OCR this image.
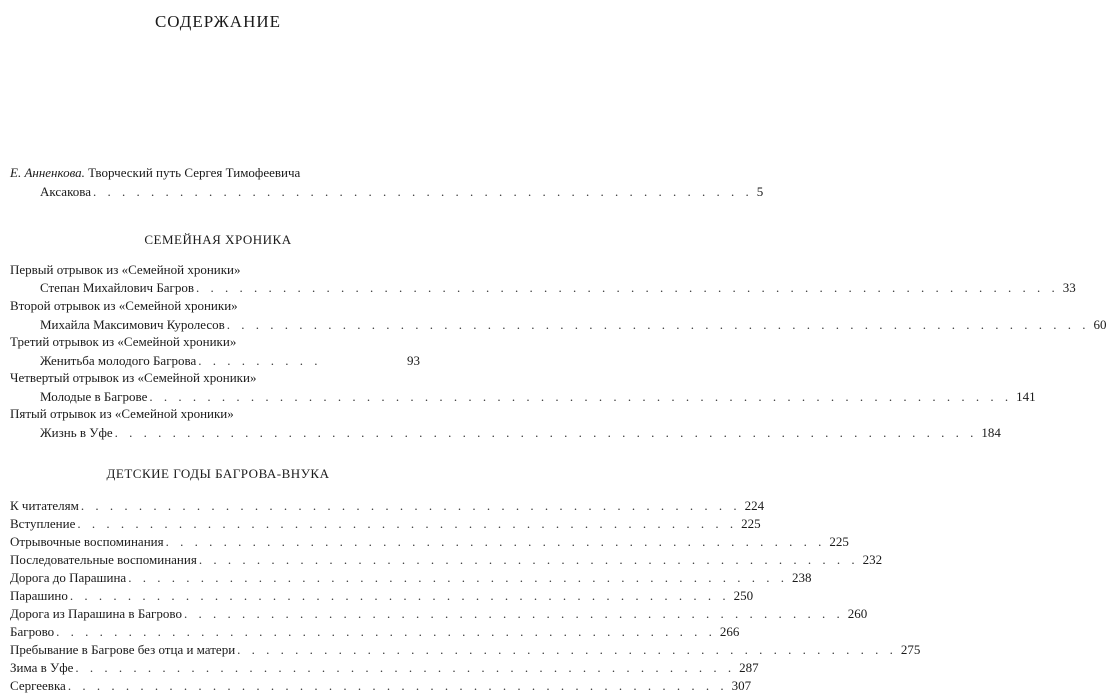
СОДЕРЖАНИЕ
Е. Анненкова. Творческий путь Сергея Тимофеевича
Аксакова . . . . . . . . . . . . . . . . . . . . . . . . . . . . . . . . . . . . . . . . . . . . . . 5
СЕМЕЙНАЯ ХРОНИКА
Первый отрывок из «Семейной хроники»
Степан Михайлович Багров . . . . . . . . . . . . . . . . . . . . . . . . . . . . . . . . . . . . . . . . . . . . . . . . . . . . . . . . . . . . 33
Второй отрывок из «Семейной хроники»
Михайла Максимович Куролесов . . . . . . . . . . . . . . . . . . . . . . . . . . . . . . . . . . . . . . . . . . . . . . . . . . . . . . . . . . . . 60
Третий отрывок из «Семейной хроники»
Женитьба молодого Багрова . . . . . . . . .	93
Четвертый отрывок из «Семейной хроники»
Молодые в Багрове . . . . . . . . . . . . . . . . . . . . . . . . . . . . . . . . . . . . . . . . . . . . . . . . . . . . . . . . . . . . 141
Пятый отрывок из «Семейной хроники»
Жизнь в Уфе . . . . . . . . . . . . . . . . . . . . . . . . . . . . . . . . . . . . . . . . . . . . . . . . . . . . . . . . . . . . 184
ДЕТСКИЕ ГОДЫ БАГРОВА-ВНУКА
К читателям . . . . . . . . . . . . . . . . . . . . . . . . . . . . . . . . . . . . . . . . . . . . . . 224
Вступление . . . . . . . . . . . . . . . . . . . . . . . . . . . . . . . . . . . . . . . . . . . . . . 225
Отрывочные воспоминания . . . . . . . . . . . . . . . . . . . . . . . . . . . . . . . . . . . . . . . . . . . . . . 225
Последовательные воспоминания . . . . . . . . . . . . . . . . . . . . . . . . . . . . . . . . . . . . . . . . . . . . . . 232
Дорога до Парашина . . . . . . . . . . . . . . . . . . . . . . . . . . . . . . . . . . . . . . . . . . . . . . 238
Парашино . . . . . . . . . . . . . . . . . . . . . . . . . . . . . . . . . . . . . . . . . . . . . . 250
Дорога из Парашина в Багрово . . . . . . . . . . . . . . . . . . . . . . . . . . . . . . . . . . . . . . . . . . . . . . 260
Багрово . . . . . . . . . . . . . . . . . . . . . . . . . . . . . . . . . . . . . . . . . . . . . . 266
Пребывание в Багрове без отца и матери . . . . . . . . . . . . . . . . . . . . . . . . . . . . . . . . . . . . . . . . . . . . . . 275
Зима в Уфе . . . . . . . . . . . . . . . . . . . . . . . . . . . . . . . . . . . . . . . . . . . . . . 287
Сергеевка . . . . . . . . . . . . . . . . . . . . . . . . . . . . . . . . . . . . . . . . . . . . . . 307
